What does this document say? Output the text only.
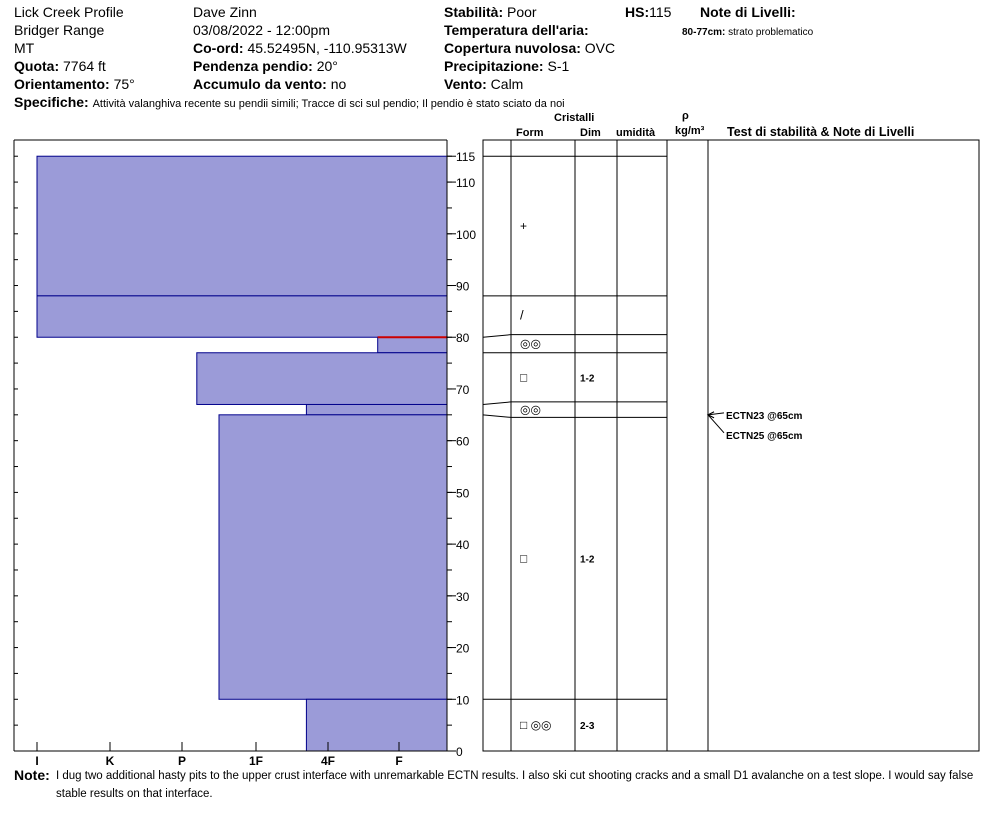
Lick Creek Profile
Bridger Range
MT
Quota: 7764 ft
Orientamento: 75°
Dave Zinn
03/08/2022 - 12:00pm
Co-ord: 45.52495N, -110.95313W
Pendenza pendio: 20°
Accumulo da vento: no
Stabilità: Poor
Temperatura dell'aria:
Copertura nuvolosa: OVC
Precipitazione: S-1
Vento: Calm
HS:115 Note di Livelli:
80-77cm: strato problematico
Specifiche: Attività valanghiva recente su pendii simili; Tracce di sci sul pendio; Il pendio è stato sciato da noi
Cristalli
Form	Dim umidità
ρ
kg/m³ Test di stabilità & Note di Livelli
I	K	P	1F	4F	F
0
10
20
30
40
50
60
70
80
90
100
110
115
+
/
◎◎
□	1-2
◎◎
□	1-2
□ ◎◎	2-3
ECTN23 @65cm
ECTN25 @65cm
Note: I dug two additional hasty pits to the upper crust interface with unremarkable ECTN results. I also ski cut shooting cracks and a small D1 avalanche on a test slope. I would say false stable results on that interface.
